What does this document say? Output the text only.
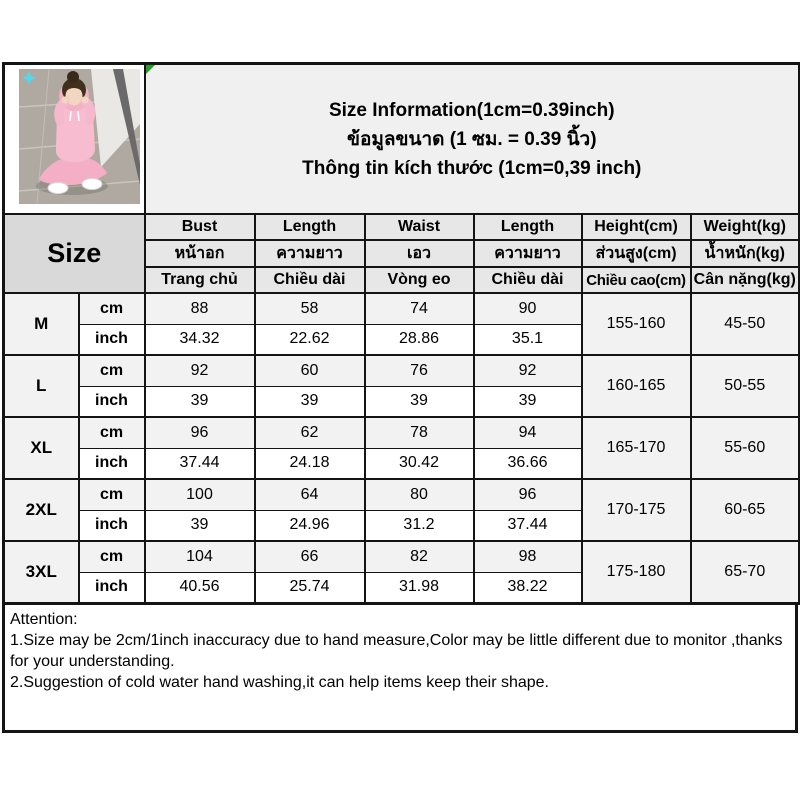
Size Information(1cm=0.39inch)
ข้อมูลขนาด (1 ซม. = 0.39 นิ้ว)
Thông tin kích thước (1cm=0,39 inch)					

Size		Bust	Length	Waist	Length	Height(cm)	Weight(kg)
		หน้าอก	ความยาว	เอว	ความยาว	ส่วนสูง(cm)	น้ำหนัก(kg)
		Trang chủ	Chiều dài	Vòng eo	Chiều dài	Chiều cao(cm)	Cân nặng(kg)
M	cm	88	58	74	90	155-160	45-50
	inch	34.32	22.62	28.86	35.1		
L	cm	92	60	76	92	160-165	50-55
	inch	39	39	39	39		
XL	cm	96	62	78	94	165-170	55-60
	inch	37.44	24.18	30.42	36.66		
2XL	cm	100	64	80	96	170-175	60-65
	inch	39	24.96	31.2	37.44		
3XL	cm	104	66	82	98	175-180	65-70
	inch	40.56	25.74	31.98	38.22		

Attention:

1.Size may be 2cm/1inch inaccuracy due to hand measure,Color may be little different due to monitor ,thanks for your understanding.

2.Suggestion of cold water hand washing,it can help items keep their shape.
